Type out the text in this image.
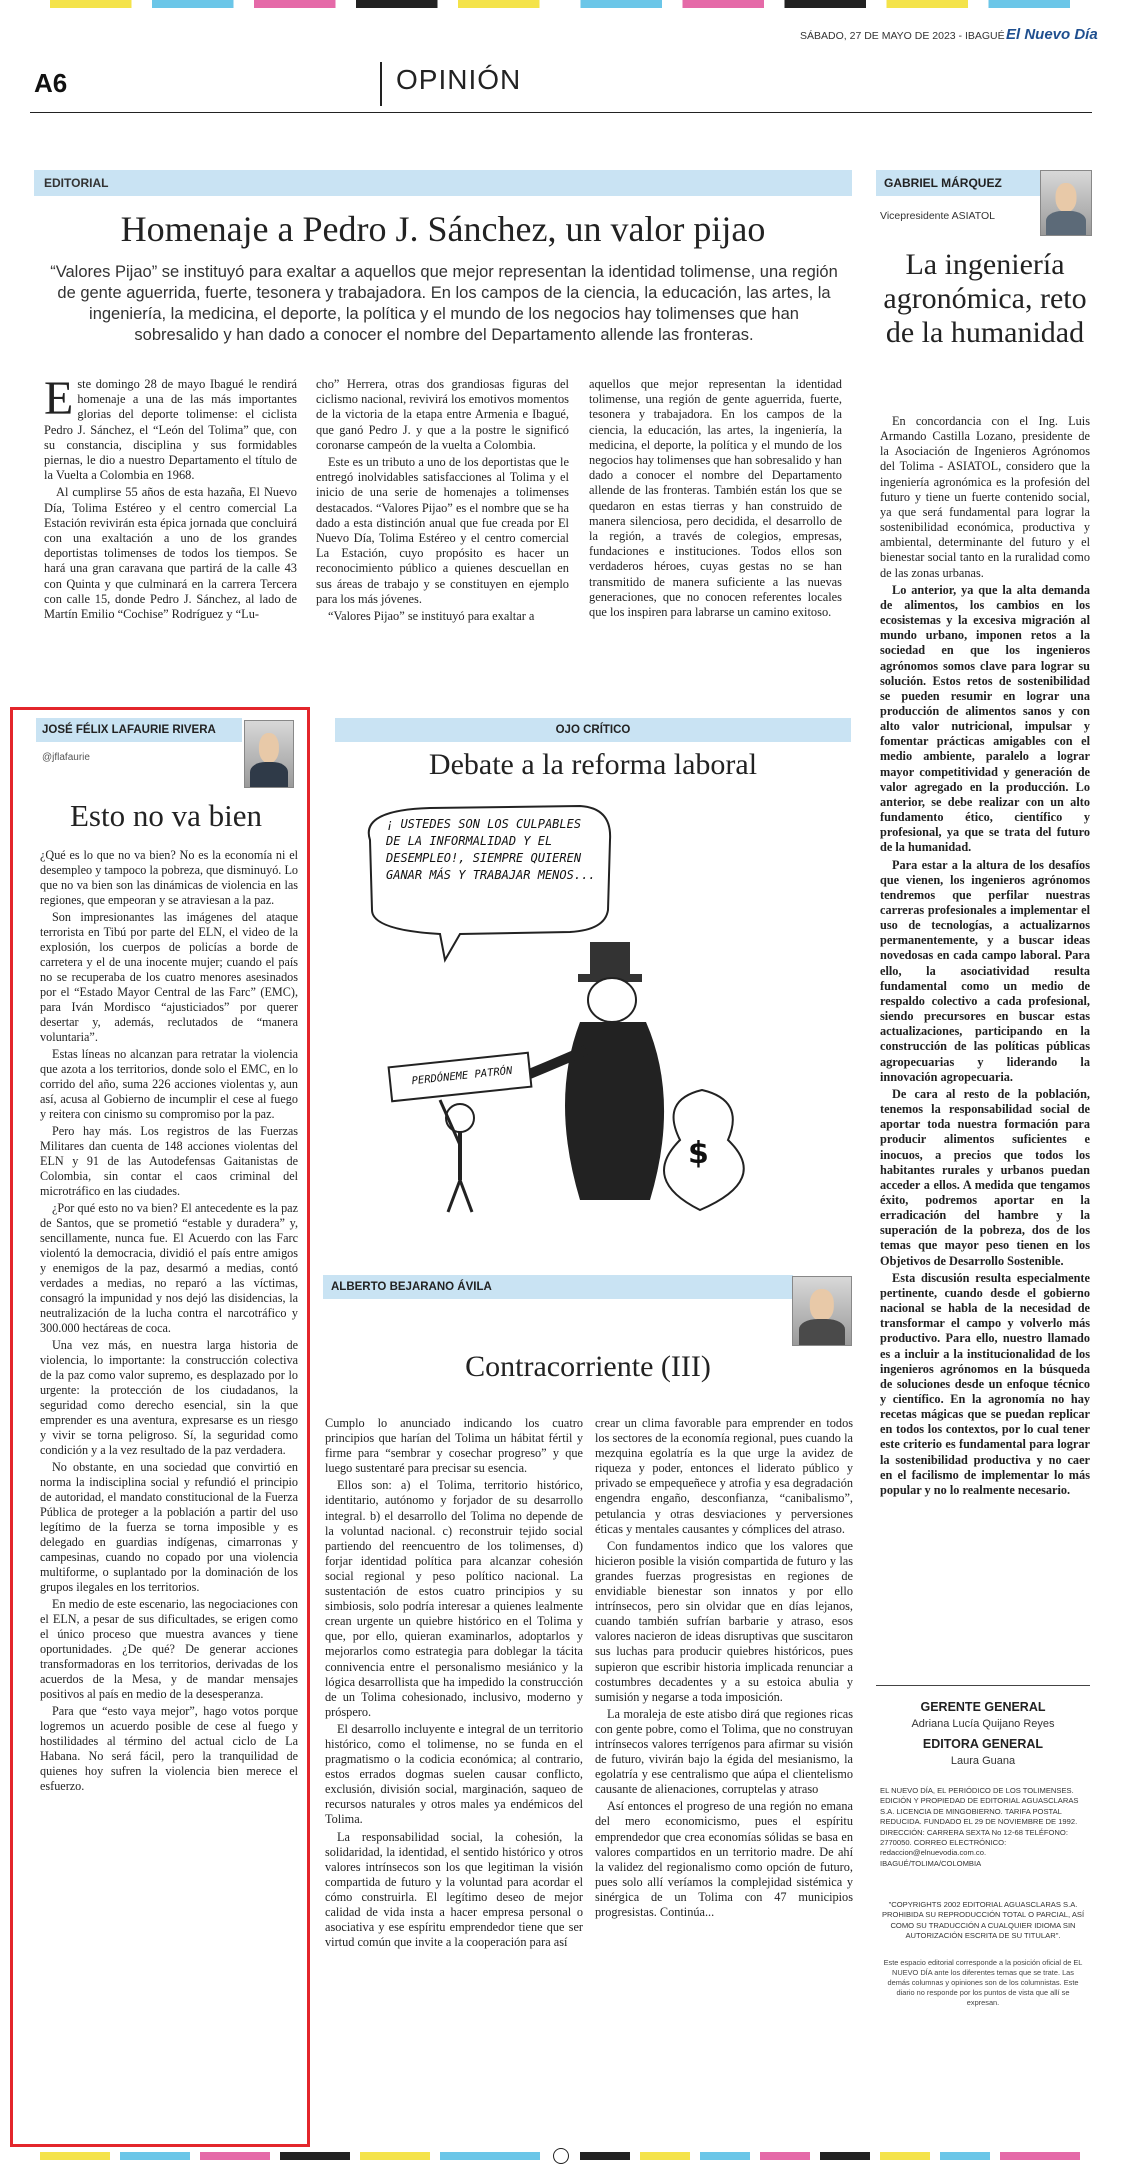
SÁBADO, 27 DE MAYO DE 2023 - IBAGUÉ El Nuevo Día
A6	OPINIÓN
EDITORIAL
Homenaje a Pedro J. Sánchez, un valor pijao
“Valores Pijao” se instituyó para exaltar a aquellos que mejor representan la identidad tolimense, una región de gente aguerrida, fuerte, tesonera y trabajadora. En los campos de la ciencia, la educación, las artes, la ingeniería, la medicina, el deporte, la política y el mundo de los negocios hay tolimenses que han sobresalido y han dado a conocer el nombre del Departamento allende las fronteras.

Este domingo 28 de mayo Ibagué le rendirá homenaje a una de las más importantes glorias del deporte tolimense: el ciclista Pedro J. Sánchez, el “León del Tolima” que, con su constancia, disciplina y sus formidables piernas, le dio a nuestro Departamento el título de la Vuelta a Colombia en 1968.

Al cumplirse 55 años de esta hazaña, El Nuevo Día, Tolima Estéreo y el centro comercial La Estación revivirán esta épica jornada que concluirá con una exaltación a uno de los grandes deportistas tolimenses de todos los tiempos. Se hará una gran caravana que partirá de la calle 43 con Quinta y que culminará en la carrera Tercera con calle 15, donde Pedro J. Sánchez, al lado de Martín Emilio “Cochise” Rodríguez y “Lu-

cho” Herrera, otras dos grandiosas figuras del ciclismo nacional, revivirá los emotivos momentos de la victoria de la etapa entre Armenia e Ibagué, que ganó Pedro J. y que a la postre le significó coronarse campeón de la vuelta a Colombia.

Este es un tributo a uno de los deportistas que le entregó inolvidables satisfacciones al Tolima y el inicio de una serie de homenajes a tolimenses destacados. “Valores Pijao” es el nombre que se ha dado a esta distinción anual que fue creada por El Nuevo Día, Tolima Estéreo y el centro comercial La Estación, cuyo propósito es hacer un reconocimiento público a quienes descuellan en sus áreas de trabajo y se constituyen en ejemplo para los más jóvenes.

“Valores Pijao” se instituyó para exaltar a

aquellos que mejor representan la identidad tolimense, una región de gente aguerrida, fuerte, tesonera y trabajadora. En los campos de la ciencia, la educación, las artes, la ingeniería, la medicina, el deporte, la política y el mundo de los negocios hay tolimenses que han sobresalido y han dado a conocer el nombre del Departamento allende de las fronteras. También están los que se quedaron en estas tierras y han construido de manera silenciosa, pero decidida, el desarrollo de la región, a través de colegios, empresas, fundaciones e instituciones. Todos ellos son verdaderos héroes, cuyas gestas no se han transmitido de manera suficiente a las nuevas generaciones, que no conocen referentes locales que los inspiren para labrarse un camino exitoso.

GABRIEL MÁRQUEZ
Vicepresidente ASIATOL
La ingeniería agronómica, reto de la humanidad

En concordancia con el Ing. Luis Armando Castilla Lozano, presidente de la Asociación de Ingenieros Agrónomos del Tolima - ASIATOL, considero que la ingeniería agronómica es la profesión del futuro y tiene un fuerte contenido social, ya que será fundamental para lograr la sostenibilidad económica, productiva y ambiental, determinante del futuro y el bienestar social tanto en la ruralidad como de las zonas urbanas.

Lo anterior, ya que la alta demanda de alimentos, los cambios en los ecosistemas y la excesiva migración al mundo urbano, imponen retos a la sociedad en que los ingenieros agrónomos somos clave para lograr su solución. Estos retos de sostenibilidad se pueden resumir en lograr una producción de alimentos sanos y con alto valor nutricional, impulsar y fomentar prácticas amigables con el medio ambiente, paralelo a lograr mayor competitividad y generación de valor agregado en la producción. Lo anterior, se debe realizar con un alto fundamento ético, científico y profesional, ya que se trata del futuro de la humanidad.

Para estar a la altura de los desafíos que vienen, los ingenieros agrónomos tendremos que perfilar nuestras carreras profesionales a implementar el uso de tecnologías, a actualizarnos permanentemente, y a buscar ideas novedosas en cada campo laboral. Para ello, la asociatividad resulta fundamental como un medio de respaldo colectivo a cada profesional, siendo precursores en buscar estas actualizaciones, participando en la construcción de las políticas públicas agropecuarias y liderando la innovación agropecuaria.

De cara al resto de la población, tenemos la responsabilidad social de aportar toda nuestra formación para producir alimentos suficientes e inocuos, a precios que todos los habitantes rurales y urbanos puedan acceder a ellos. A medida que tengamos éxito, podremos aportar en la erradicación del hambre y la superación de la pobreza, dos de los temas que mayor peso tienen en los Objetivos de Desarrollo Sostenible.

Esta discusión resulta especialmente pertinente, cuando desde el gobierno nacional se habla de la necesidad de transformar el campo y volverlo más productivo. Para ello, nuestro llamado es a incluir a la institucionalidad de los ingenieros agrónomos en la búsqueda de soluciones desde un enfoque técnico y científico. En la agronomía no hay recetas mágicas que se puedan replicar en todos los contextos, por lo cual tener este criterio es fundamental para lograr la sostenibilidad productiva y no caer en el facilismo de implementar lo más popular y no lo realmente necesario.

JOSÉ FÉLIX LAFAURIE RIVERA
@jflafaurie
Esto no va bien

¿Qué es lo que no va bien? No es la economía ni el desempleo y tampoco la pobreza, que disminuyó. Lo que no va bien son las dinámicas de violencia en las regiones, que empeoran y se atraviesan a la paz.

Son impresionantes las imágenes del ataque terrorista en Tibú por parte del ELN, el video de la explosión, los cuerpos de policías a borde de carretera y el de una inocente mujer; cuando el país no se recuperaba de los cuatro menores asesinados por el “Estado Mayor Central de las Farc” (EMC), para Iván Mordisco “ajusticiados” por querer desertar y, además, reclutados de “manera voluntaria”.

Estas líneas no alcanzan para retratar la violencia que azota a los territorios, donde solo el EMC, en lo corrido del año, suma 226 acciones violentas y, aun así, acusa al Gobierno de incumplir el cese al fuego y reitera con cinismo su compromiso por la paz.

Pero hay más. Los registros de las Fuerzas Militares dan cuenta de 148 acciones violentas del ELN y 91 de las Autodefensas Gaitanistas de Colombia, sin contar el caos criminal del microtráfico en las ciudades.

¿Por qué esto no va bien? El antecedente es la paz de Santos, que se prometió “estable y duradera” y, sencillamente, nunca fue. El Acuerdo con las Farc violentó la democracia, dividió el país entre amigos y enemigos de la paz, desarmó a medias, contó verdades a medias, no reparó a las víctimas, consagró la impunidad y nos dejó las disidencias, la neutralización de la lucha contra el narcotráfico y 300.000 hectáreas de coca.

Una vez más, en nuestra larga historia de violencia, lo importante: la construcción colectiva de la paz como valor supremo, es desplazado por lo urgente: la protección de los ciudadanos, la seguridad como derecho esencial, sin la que emprender es una aventura, expresarse es un riesgo y vivir se torna peligroso. Sí, la seguridad como condición y a la vez resultado de la paz verdadera.

No obstante, en una sociedad que convirtió en norma la indisciplina social y refundió el principio de autoridad, el mandato constitucional de la Fuerza Pública de proteger a la población a partir del uso legítimo de la fuerza se torna imposible y es delegado en guardias indígenas, cimarronas y campesinas, cuando no copado por una violencia multiforme, o suplantado por la dominación de los grupos ilegales en los territorios.

En medio de este escenario, las negociaciones con el ELN, a pesar de sus dificultades, se erigen como el único proceso que muestra avances y tiene oportunidades. ¿De qué? De generar acciones transformadoras en los territorios, derivadas de los acuerdos de la Mesa, y de mandar mensajes positivos al país en medio de la desesperanza.

Para que “esto vaya mejor”, hago votos porque logremos un acuerdo posible de cese al fuego y hostilidades al término del actual ciclo de La Habana. No será fácil, pero la tranquilidad de quienes hoy sufren la violencia bien merece el esfuerzo.

OJO CRÍTICO
Debate a la reforma laboral
¡ USTEDES SON LOS CULPABLES DE LA INFORMALIDAD Y EL DESEMPLEO!, SIEMPRE QUIEREN GANAR MÁS Y TRABAJAR MENOS...
PERDÓNEME PATRÓN
$
ALBERTO BEJARANO ÁVILA
Contracorriente (III)

Cumplo lo anunciado indicando los cuatro principios que harían del Tolima un hábitat fértil y firme para “sembrar y cosechar progreso” y que luego sustentaré para precisar su esencia.

Ellos son: a) el Tolima, territorio histórico, identitario, autónomo y forjador de su desarrollo integral. b) el desarrollo del Tolima no depende de la voluntad nacional. c) reconstruir tejido social partiendo del reencuentro de los tolimenses, d) forjar identidad política para alcanzar cohesión social regional y peso político nacional. La sustentación de estos cuatro principios y su simbiosis, solo podría interesar a quienes lealmente crean urgente un quiebre histórico en el Tolima y que, por ello, quieran examinarlos, adoptarlos y mejorarlos como estrategia para doblegar la tácita connivencia entre el personalismo mesiánico y la lógica desarrollista que ha impedido la construcción de un Tolima cohesionado, inclusivo, moderno y próspero.

El desarrollo incluyente e integral de un territorio histórico, como el tolimense, no se funda en el pragmatismo o la codicia económica; al contrario, estos errados dogmas suelen causar conflicto, exclusión, división social, marginación, saqueo de recursos naturales y otros males ya endémicos del Tolima.

La responsabilidad social, la cohesión, la solidaridad, la identidad, el sentido histórico y otros valores intrínsecos son los que legitiman la visión compartida de futuro y la voluntad para acordar el cómo construirla. El legítimo deseo de mejor calidad de vida insta a hacer empresa personal o asociativa y ese espíritu emprendedor tiene que ser virtud común que invite a la cooperación para así

crear un clima favorable para emprender en todos los sectores de la economía regional, pues cuando la mezquina egolatría es la que urge la avidez de riqueza y poder, entonces el liderato público y privado se empequeñece y atrofia y esa degradación engendra engaño, desconfianza, “canibalismo”, petulancia y otras desviaciones y perversiones éticas y mentales causantes y cómplices del atraso.

Con fundamentos indico que los valores que hicieron posible la visión compartida de futuro y las grandes fuerzas progresistas en regiones de envidiable bienestar son innatos y por ello intrínsecos, pero sin olvidar que en días lejanos, cuando también sufrían barbarie y atraso, esos valores nacieron de ideas disruptivas que suscitaron sus luchas para producir quiebres históricos, pues supieron que escribir historia implicada renunciar a costumbres decadentes y a su estoica abulia y sumisión y negarse a toda imposición.

La moraleja de este atisbo dirá que regiones ricas con gente pobre, como el Tolima, que no construyan intrínsecos valores terrígenos para afirmar su visión de futuro, vivirán bajo la égida del mesianismo, la egolatría y ese centralismo que aúpa el clientelismo causante de alienaciones, corruptelas y atraso

Así entonces el progreso de una región no emana del mero economicismo, pues el espíritu emprendedor que crea economías sólidas se basa en valores compartidos en un territorio madre. De ahí la validez del regionalismo como opción de futuro, pues solo allí veríamos la complejidad sistémica y sinérgica de un Tolima con 47 municipios progresistas. Continúa...

GERENTE GENERAL
Adriana Lucía Quijano Reyes
EDITORA GENERAL
Laura Guana
EL NUEVO DÍA, EL PERIÓDICO DE LOS TOLIMENSES. EDICIÓN Y PROPIEDAD DE EDITORIAL AGUASCLARAS S.A. LICENCIA DE MINGOBIERNO. TARIFA POSTAL REDUCIDA. FUNDADO EL 29 DE NOVIEMBRE DE 1992. DIRECCIÓN: CARRERA SEXTA No 12-68 TELÉFONO: 2770050. CORREO ELECTRÓNICO: redaccion@elnuevodia.com.co. IBAGUÉ/TOLIMA/COLOMBIA
"COPYRIGHTS 2002 EDITORIAL AGUASCLARAS S.A. PROHIBIDA SU REPRODUCCIÓN TOTAL O PARCIAL, ASÍ COMO SU TRADUCCIÓN A CUALQUIER IDIOMA SIN AUTORIZACIÓN ESCRITA DE SU TITULAR".
Este espacio editorial corresponde a la posición oficial de EL NUEVO DÍA ante los diferentes temas que se trate. Las demás columnas y opiniones son de los columnistas. Este diario no responde por los puntos de vista que allí se expresan.
